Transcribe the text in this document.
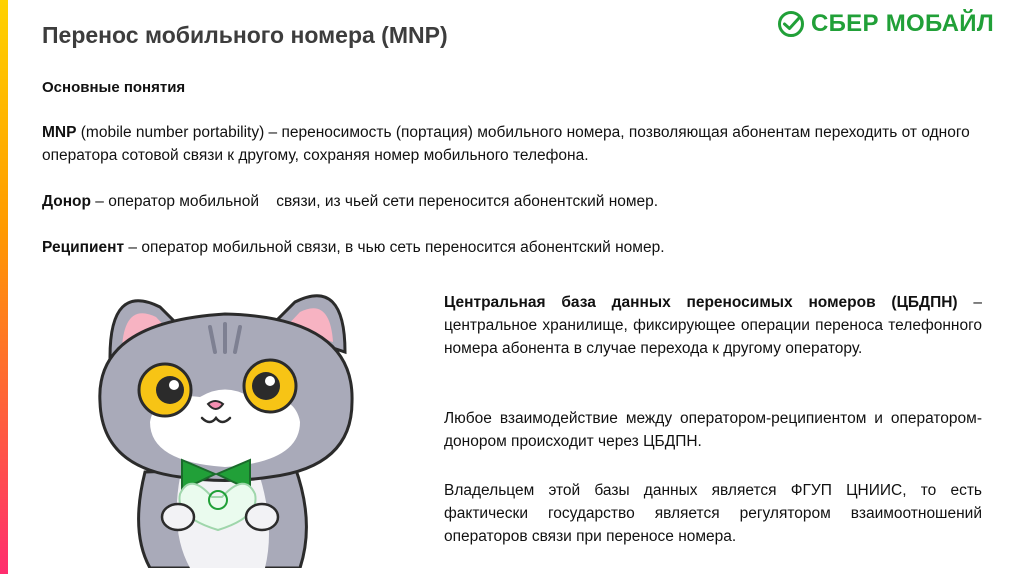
Перенос мобильного номера (MNP)	СБЕР МОБАЙЛ

Основные понятия

MNP (mobile number portability) – переносимость (портация) мобильного номера, позволяющая абонентам переходить от одного оператора сотовой связи к другому, сохраняя номер мобильного телефона.

Донор – оператор мобильной    связи, из чьей сети переносится абонентский номер.

Реципиент – оператор мобильной связи, в чью сеть переносится абонентский номер.

Центральная база данных переносимых номеров (ЦБДПН) – центральное хранилище, фиксирующее операции переноса телефонного номера абонента в случае перехода к другому оператору.

Любое взаимодействие между оператором-реципиентом и оператором-донором происходит через ЦБДПН.

Владельцем этой базы данных является ФГУП ЦНИИС, то есть фактически государство является регулятором взаимоотношений операторов связи при переносе номера.
